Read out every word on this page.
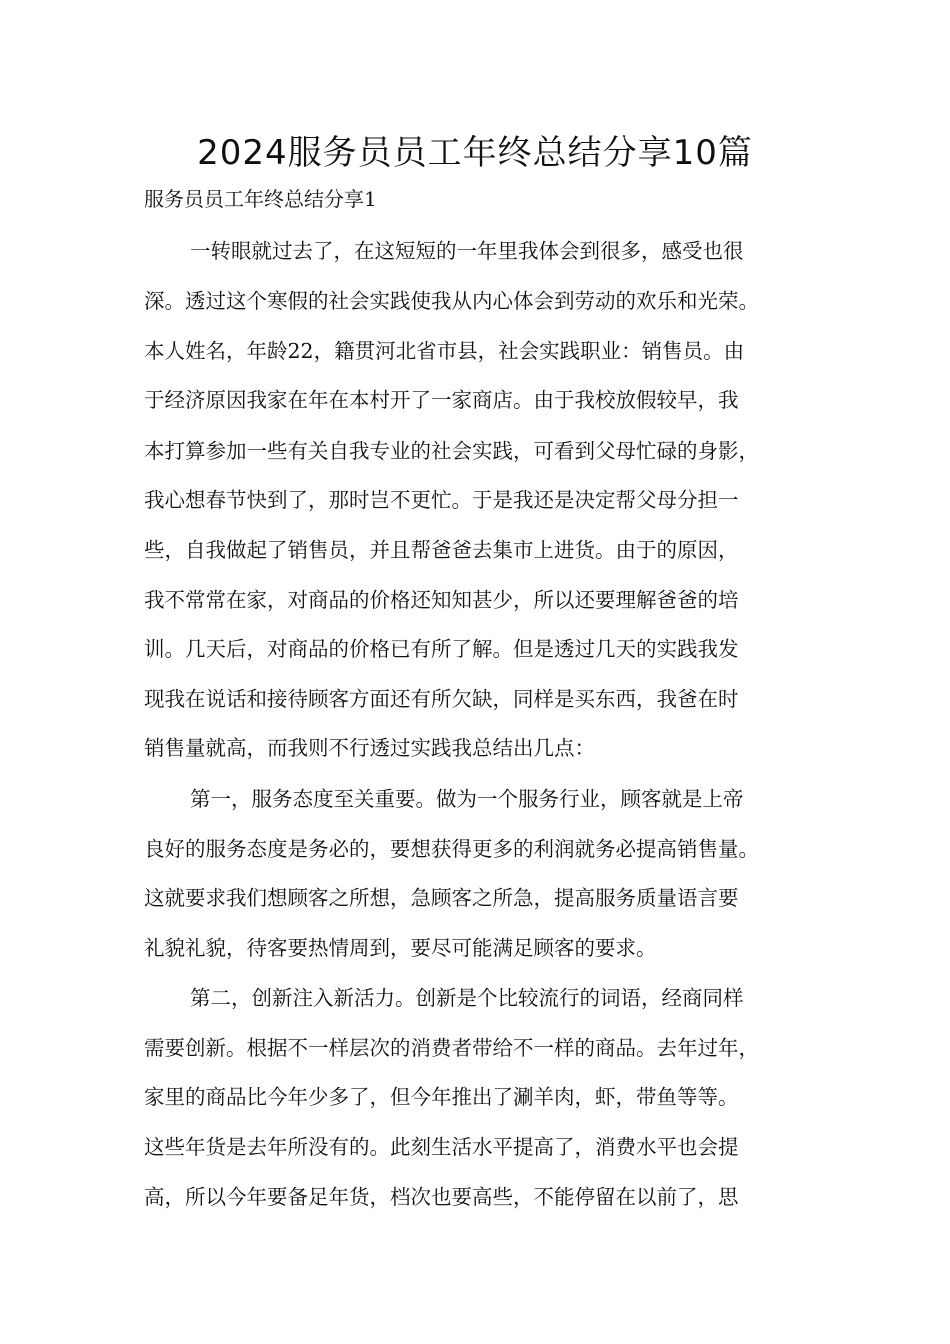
2024服务员员工年终总结分享10篇

服务员员工年终总结分享1

一转眼就过去了，在这短短的一年里我体会到很多，感受也很

深。透过这个寒假的社会实践使我从内心体会到劳动的欢乐和光荣。

本人姓名，年龄22，籍贯河北省市县，社会实践职业：销售员。由

于经济原因我家在年在本村开了一家商店。由于我校放假较早，我

本打算参加一些有关自我专业的社会实践，可看到父母忙碌的身影，

我心想春节快到了，那时岂不更忙。于是我还是决定帮父母分担一

些，自我做起了销售员，并且帮爸爸去集市上进货。由于的原因，

我不常常在家，对商品的价格还知知甚少，所以还要理解爸爸的培

训。几天后，对商品的价格已有所了解。但是透过几天的实践我发

现我在说话和接待顾客方面还有所欠缺，同样是买东西，我爸在时

销售量就高，而我则不行透过实践我总结出几点：

第一，服务态度至关重要。做为一个服务行业，顾客就是上帝

良好的服务态度是务必的，要想获得更多的利润就务必提高销售量。

这就要求我们想顾客之所想，急顾客之所急，提高服务质量语言要

礼貌礼貌，待客要热情周到，要尽可能满足顾客的要求。

第二，创新注入新活力。创新是个比较流行的词语，经商同样

需要创新。根据不一样层次的消费者带给不一样的商品。去年过年，

家里的商品比今年少多了，但今年推出了涮羊肉，虾，带鱼等等。

这些年货是去年所没有的。此刻生活水平提高了，消费水平也会提

高，所以今年要备足年货，档次也要高些，不能停留在以前了，思
